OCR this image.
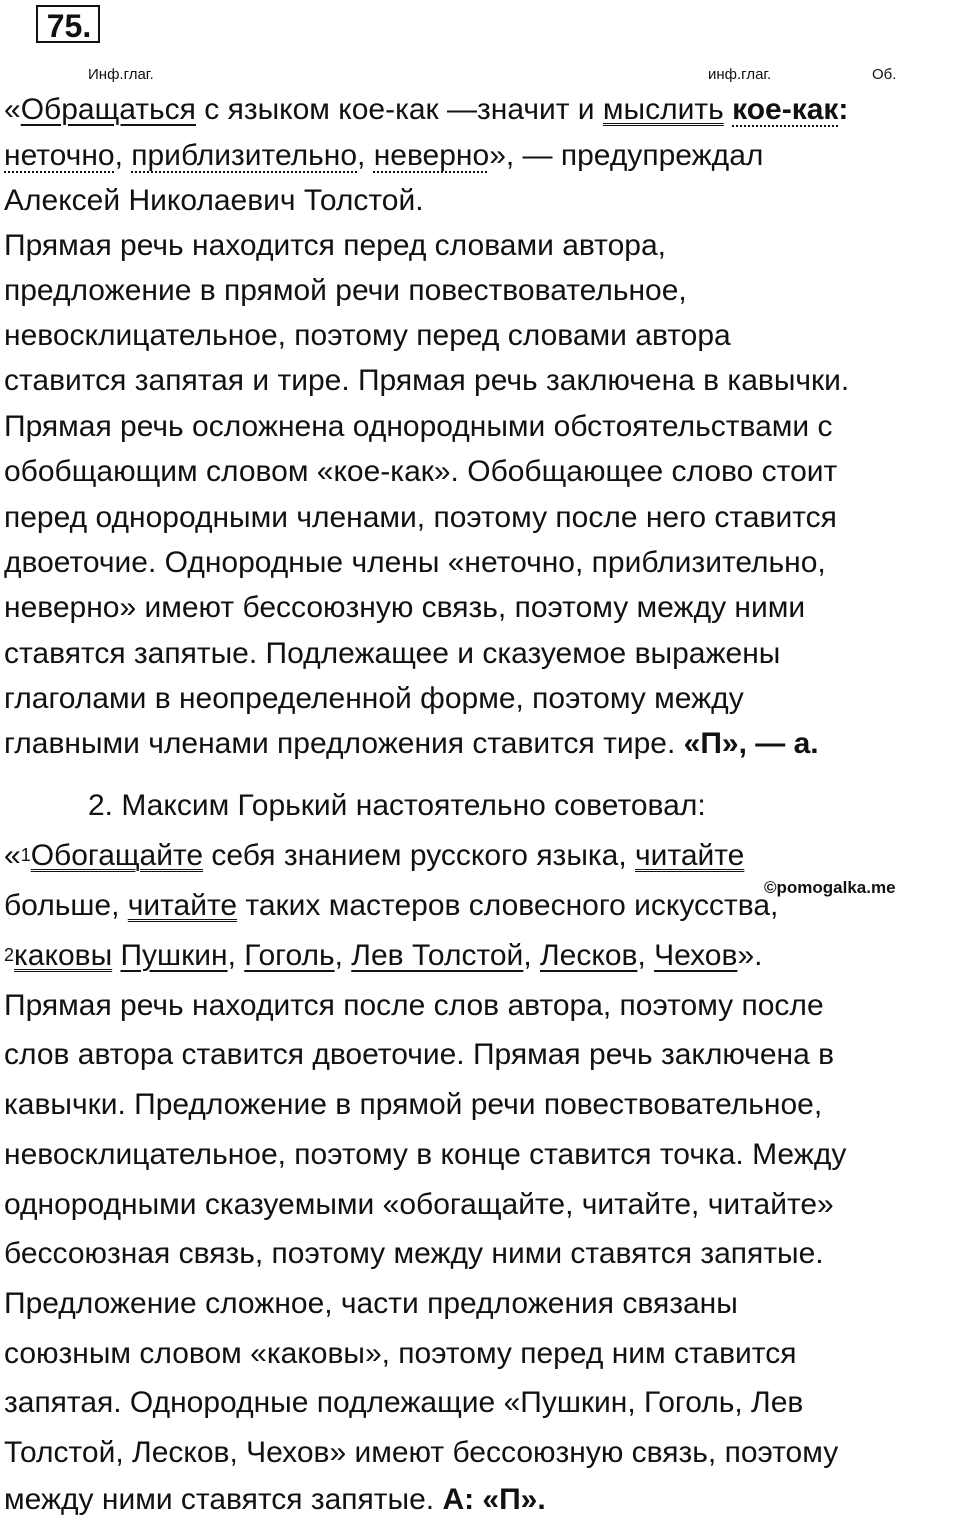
75.
Инф.глаг.	инф.глаг.	Об.
«Обращаться с языком кое-как —значит и мыслить кое-как:
неточно, приблизительно, неверно», — предупреждал
Алексей Николаевич Толстой.
Прямая речь находится перед словами автора,
предложение в прямой речи повествовательное,
невосклицательное, поэтому перед словами автора
ставится запятая и тире. Прямая речь заключена в кавычки.
Прямая речь осложнена однородными обстоятельствами с
обобщающим словом «кое-как». Обобщающее слово стоит
перед однородными членами, поэтому после него ставится
двоеточие. Однородные члены «неточно, приблизительно,
неверно» имеют бессоюзную связь, поэтому между ними
ставятся запятые. Подлежащее и сказуемое выражены
глаголами в неопределенной форме, поэтому между
главными членами предложения ставится тире. «П», — а.
2. Максим Горький настоятельно советовал:
«$^1$Обогащайте себя знанием русского языка, читайте
©pomogalka.me
больше, читайте таких мастеров словесного искусства,
$^2$каковы Пушкин, Гоголь, Лев Толстой, Лесков, Чехов».
Прямая речь находится после слов автора, поэтому после
слов автора ставится двоеточие. Прямая речь заключена в
кавычки. Предложение в прямой речи повествовательное,
невосклицательное, поэтому в конце ставится точка. Между
однородными сказуемыми «обогащайте, читайте, читайте»
бессоюзная связь, поэтому между ними ставятся запятые.
Предложение сложное, части предложения связаны
союзным словом «каковы», поэтому перед ним ставится
запятая. Однородные подлежащие «Пушкин, Гоголь, Лев
Толстой, Лесков, Чехов» имеют бессоюзную связь, поэтому
между ними ставятся запятые. А: «П».
